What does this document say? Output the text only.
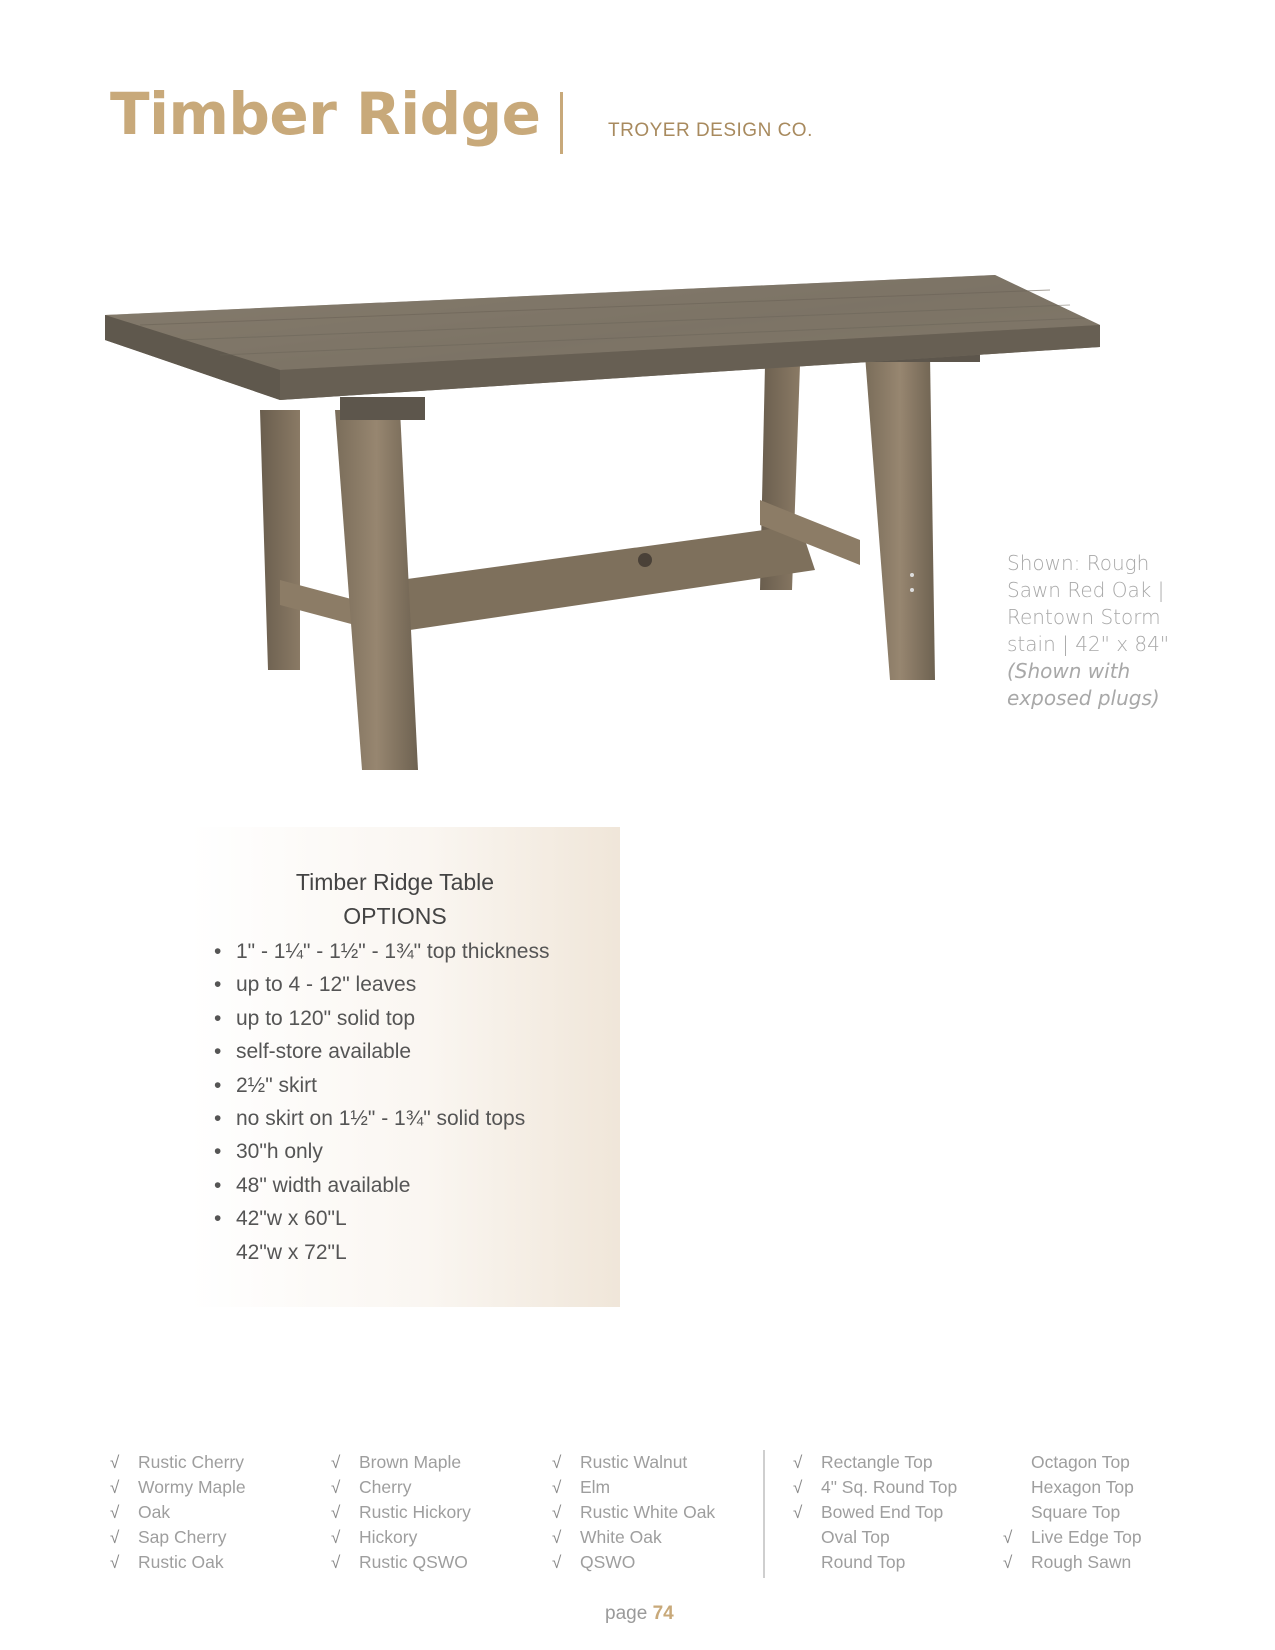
Timber Ridge	TROYER DESIGN CO.
Shown: Rough
Sawn Red Oak |
Rentown Storm
stain | 42" x 84"
(Shown with
exposed plugs)
Timber Ridge Table
OPTIONS
• 1" - 1¼" - 1½" - 1¾" top thickness
• up to 4 - 12" leaves
• up to 120" solid top
• self-store available
• 2½" skirt
• no skirt on 1½" - 1¾" solid tops
• 30"h only
• 48" width available
• 42"w x 60"L
42"w x 72"L
√ Rustic Cherry
√ Wormy Maple
√ Oak
√ Sap Cherry
√ Rustic Oak
√ Brown Maple
√ Cherry
√ Rustic Hickory
√ Hickory
√ Rustic QSWO
√ Rustic Walnut
√ Elm
√ Rustic White Oak
√ White Oak
√ QSWO
√ Rectangle Top
√ 4" Sq. Round Top
√ Bowed End Top
Oval Top
Round Top
Octagon Top
Hexagon Top
Square Top
√ Live Edge Top
√ Rough Sawn
page 74
